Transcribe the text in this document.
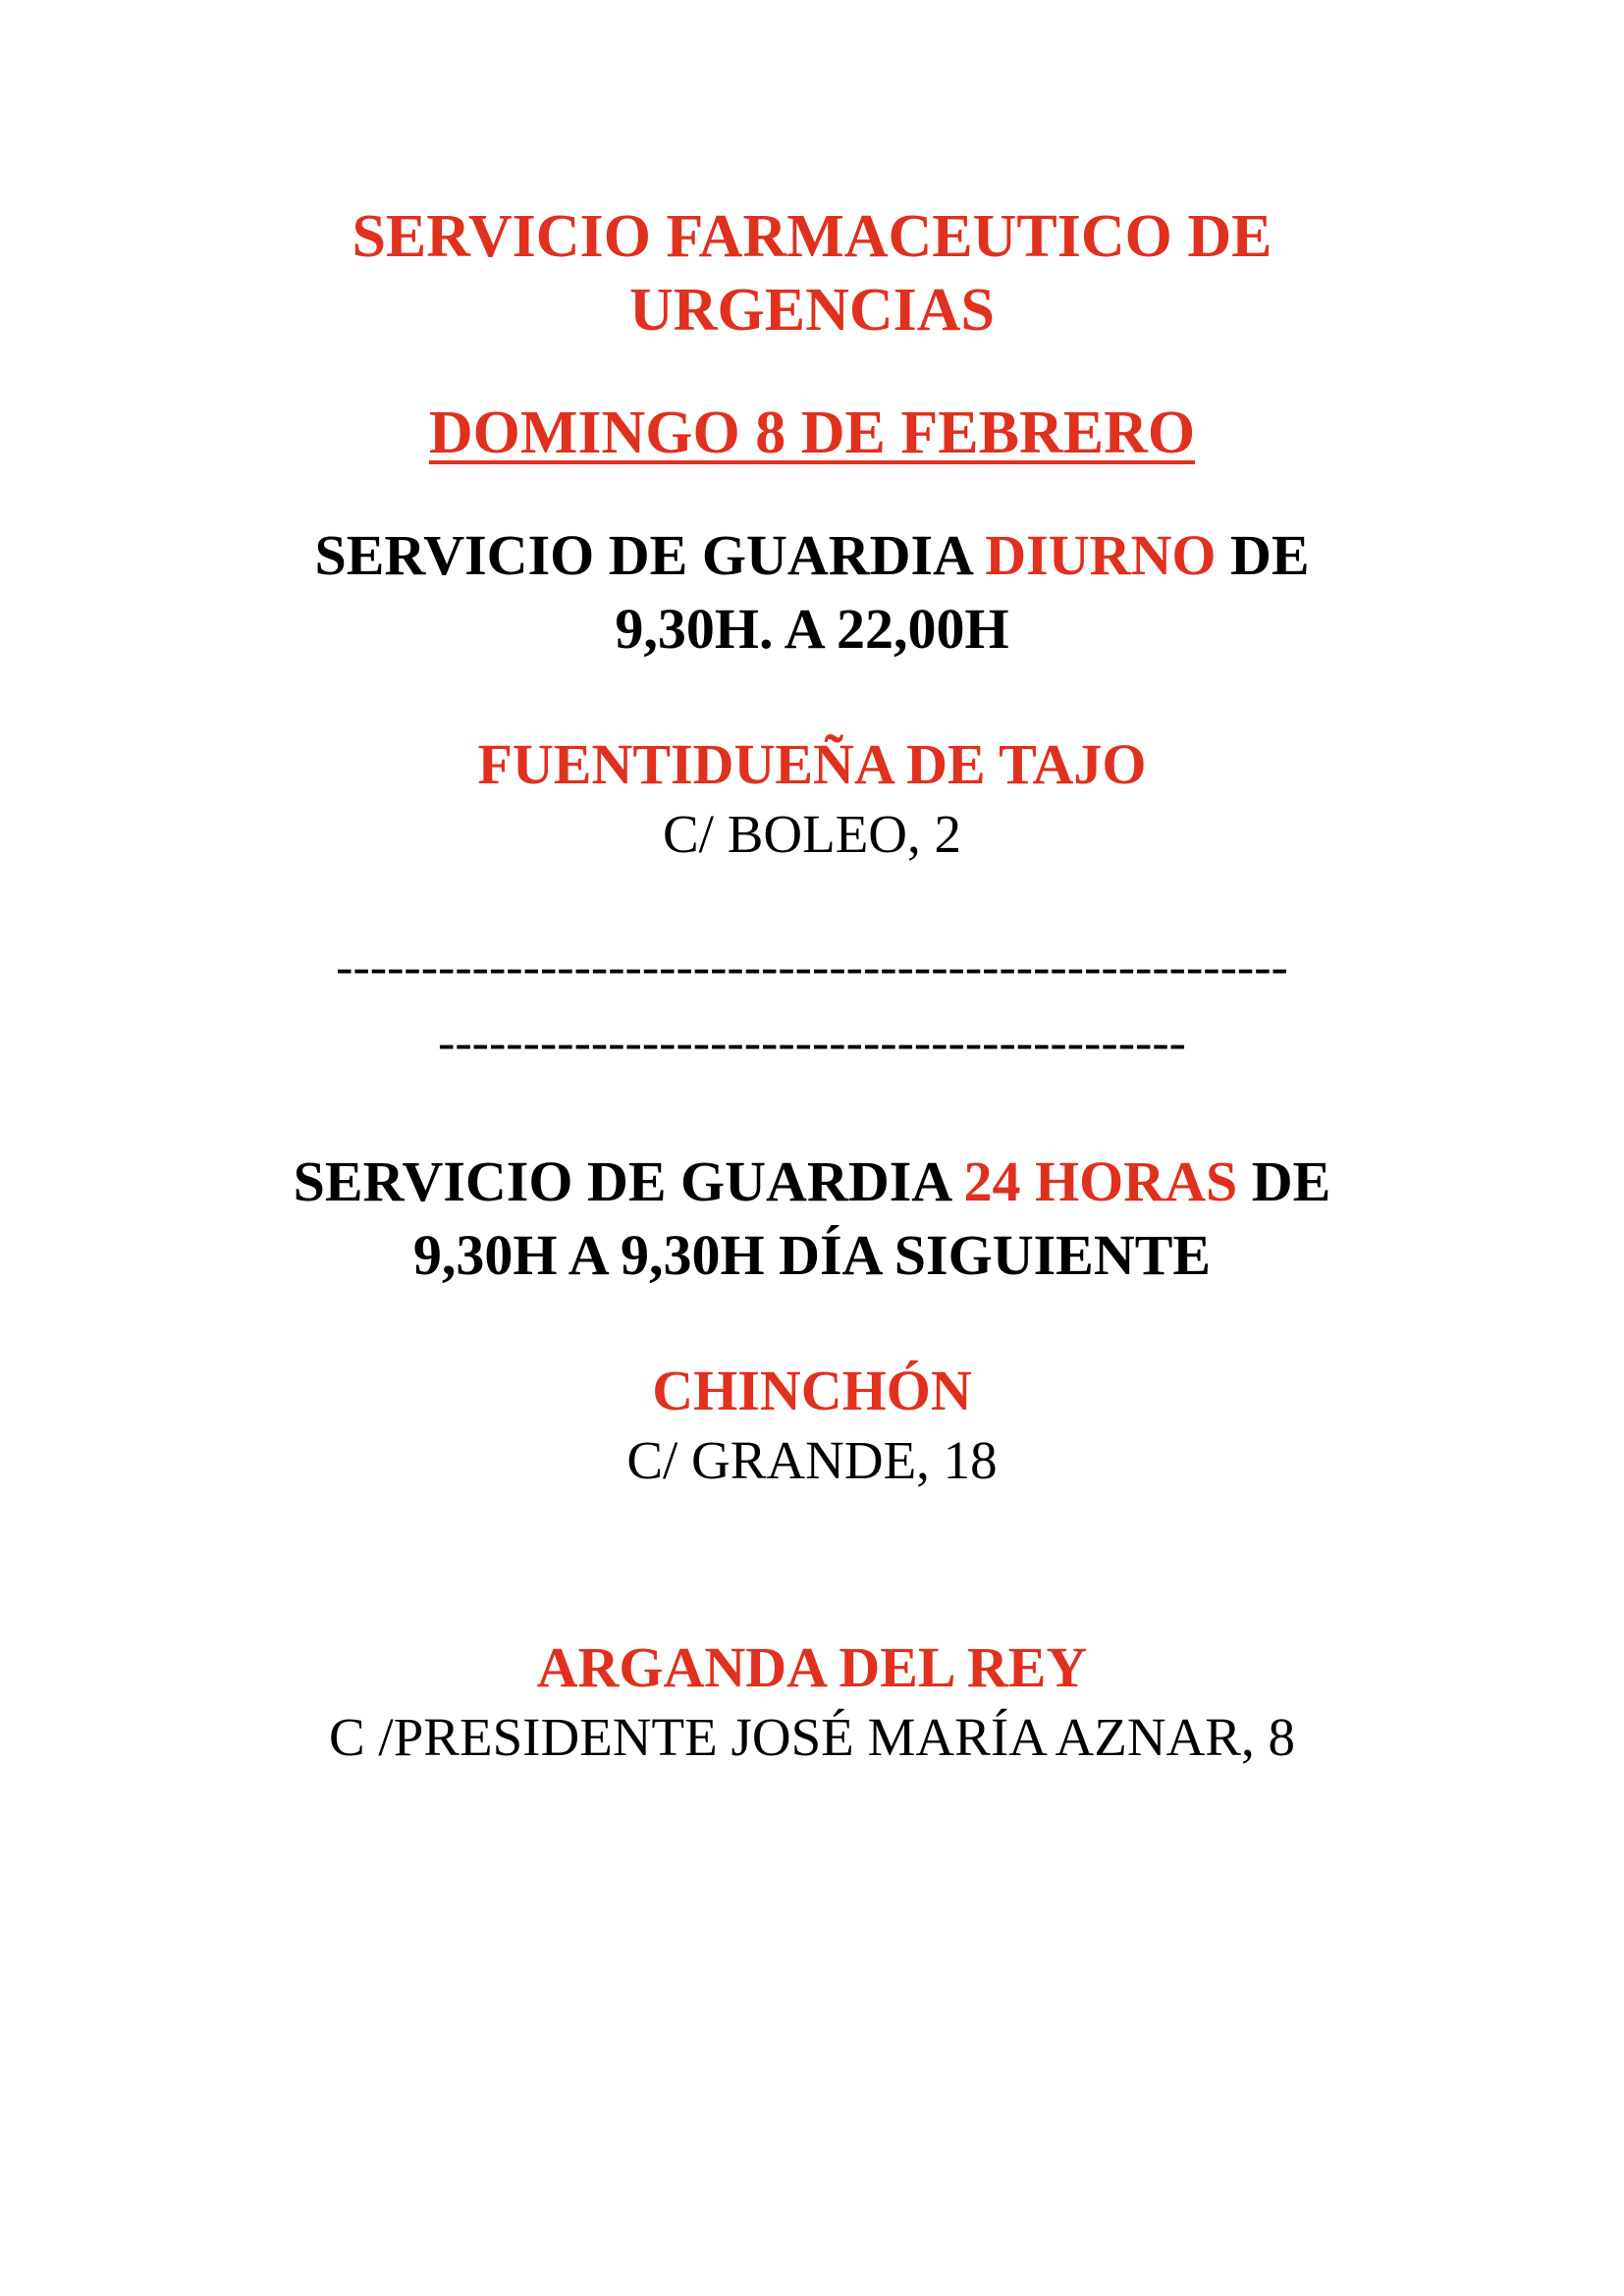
SERVICIO FARMACEUTICO DE
URGENCIAS
DOMINGO 8 DE FEBRERO
SERVICIO DE GUARDIA DIURNO DE
9,30H. A 22,00H
FUENTIDUEÑA DE TAJO
C/ BOLEO, 2
--------------------------------------------------------
--------------------------------------------
SERVICIO DE GUARDIA 24 HORAS DE
9,30H A 9,30H DÍA SIGUIENTE
CHINCHÓN
C/ GRANDE, 18
ARGANDA DEL REY
C /PRESIDENTE JOSÉ MARÍA AZNAR, 8
